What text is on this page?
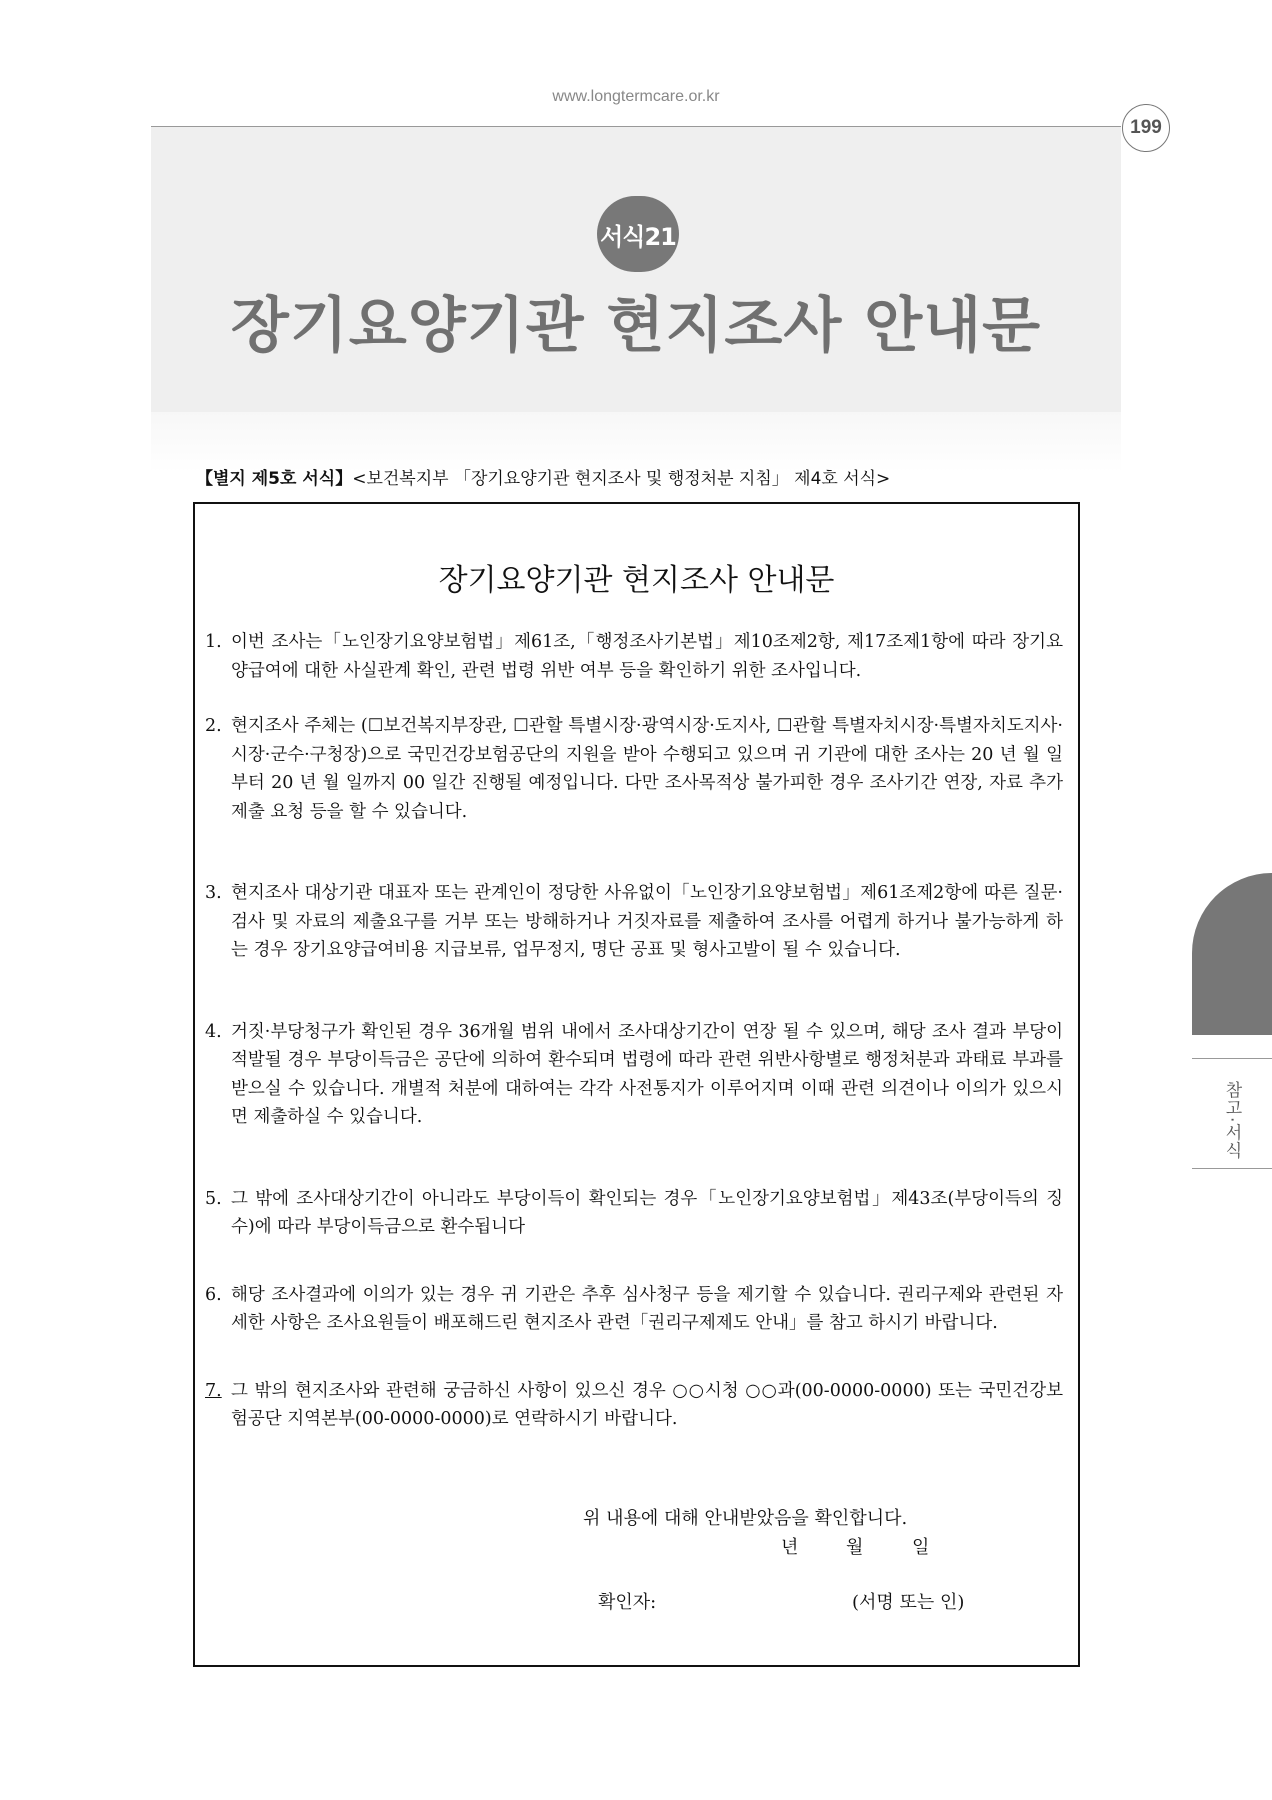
www.longtermcare.or.kr
199
서식21
장기요양기관 현지조사 안내문
참고·서식
【별지 제5호 서식】<보건복지부 「장기요양기관 현지조사 및 행정처분 지침」 제4호 서식>
장기요양기관 현지조사 안내문
1. 이번 조사는「노인장기요양보험법」제61조,「행정조사기본법」제10조제2항, 제17조제1항에 따라 장기요양급여에 대한 사실관계 확인, 관련 법령 위반 여부 등을 확인하기 위한 조사입니다.
2. 현지조사 주체는 (☐보건복지부장관, ☐관할 특별시장·광역시장·도지사, ☐관할 특별자치시장·특별자치도지사·시장·군수·구청장)으로 국민건강보험공단의 지원을 받아 수행되고 있으며 귀 기관에 대한 조사는 20 년 월 일 부터 20 년 월 일까지 00 일간 진행될 예정입니다. 다만 조사목적상 불가피한 경우 조사기간 연장, 자료 추가제출 요청 등을 할 수 있습니다.
3. 현지조사 대상기관 대표자 또는 관계인이 정당한 사유없이「노인장기요양보험법」제61조제2항에 따른 질문·검사 및 자료의 제출요구를 거부 또는 방해하거나 거짓자료를 제출하여 조사를 어렵게 하거나 불가능하게 하는 경우 장기요양급여비용 지급보류, 업무정지, 명단 공표 및 형사고발이 될 수 있습니다.
4. 거짓·부당청구가 확인된 경우 36개월 범위 내에서 조사대상기간이 연장 될 수 있으며, 해당 조사 결과 부당이 적발될 경우 부당이득금은 공단에 의하여 환수되며 법령에 따라 관련 위반사항별로 행정처분과 과태료 부과를 받으실 수 있습니다. 개별적 처분에 대하여는 각각 사전통지가 이루어지며 이때 관련 의견이나 이의가 있으시면 제출하실 수 있습니다.
5. 그 밖에 조사대상기간이 아니라도 부당이득이 확인되는 경우「노인장기요양보험법」제43조(부당이득의 징수)에 따라 부당이득금으로 환수됩니다
6. 해당 조사결과에 이의가 있는 경우 귀 기관은 추후 심사청구 등을 제기할 수 있습니다. 권리구제와 관련된 자세한 사항은 조사요원들이 배포해드린 현지조사 관련「권리구제제도 안내」를 참고 하시기 바랍니다.
7. 그 밖의 현지조사와 관련해 궁금하신 사항이 있으신 경우 ○○시청 ○○과(00-0000-0000) 또는 국민건강보험공단 지역본부(00-0000-0000)로 연락하시기 바랍니다.
위 내용에 대해 안내받았음을 확인합니다.
년	월	일
확인자:	(서명 또는 인)
